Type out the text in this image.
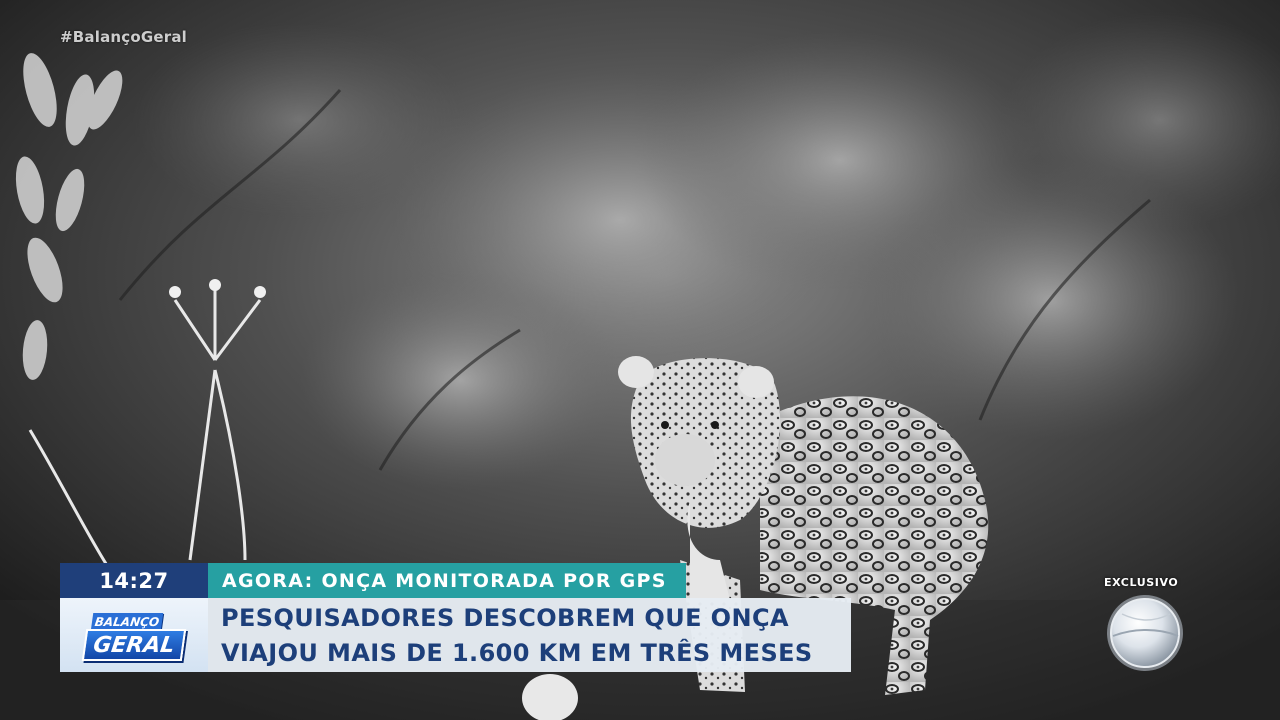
#BalançoGeral
14:27	AGORA: ONÇA MONITORADA POR GPS
BALANÇO
GERAL
PESQUISADORES DESCOBREM QUE ONÇA
VIAJOU MAIS DE 1.600 KM EM TRÊS MESES
EXCLUSIVO
